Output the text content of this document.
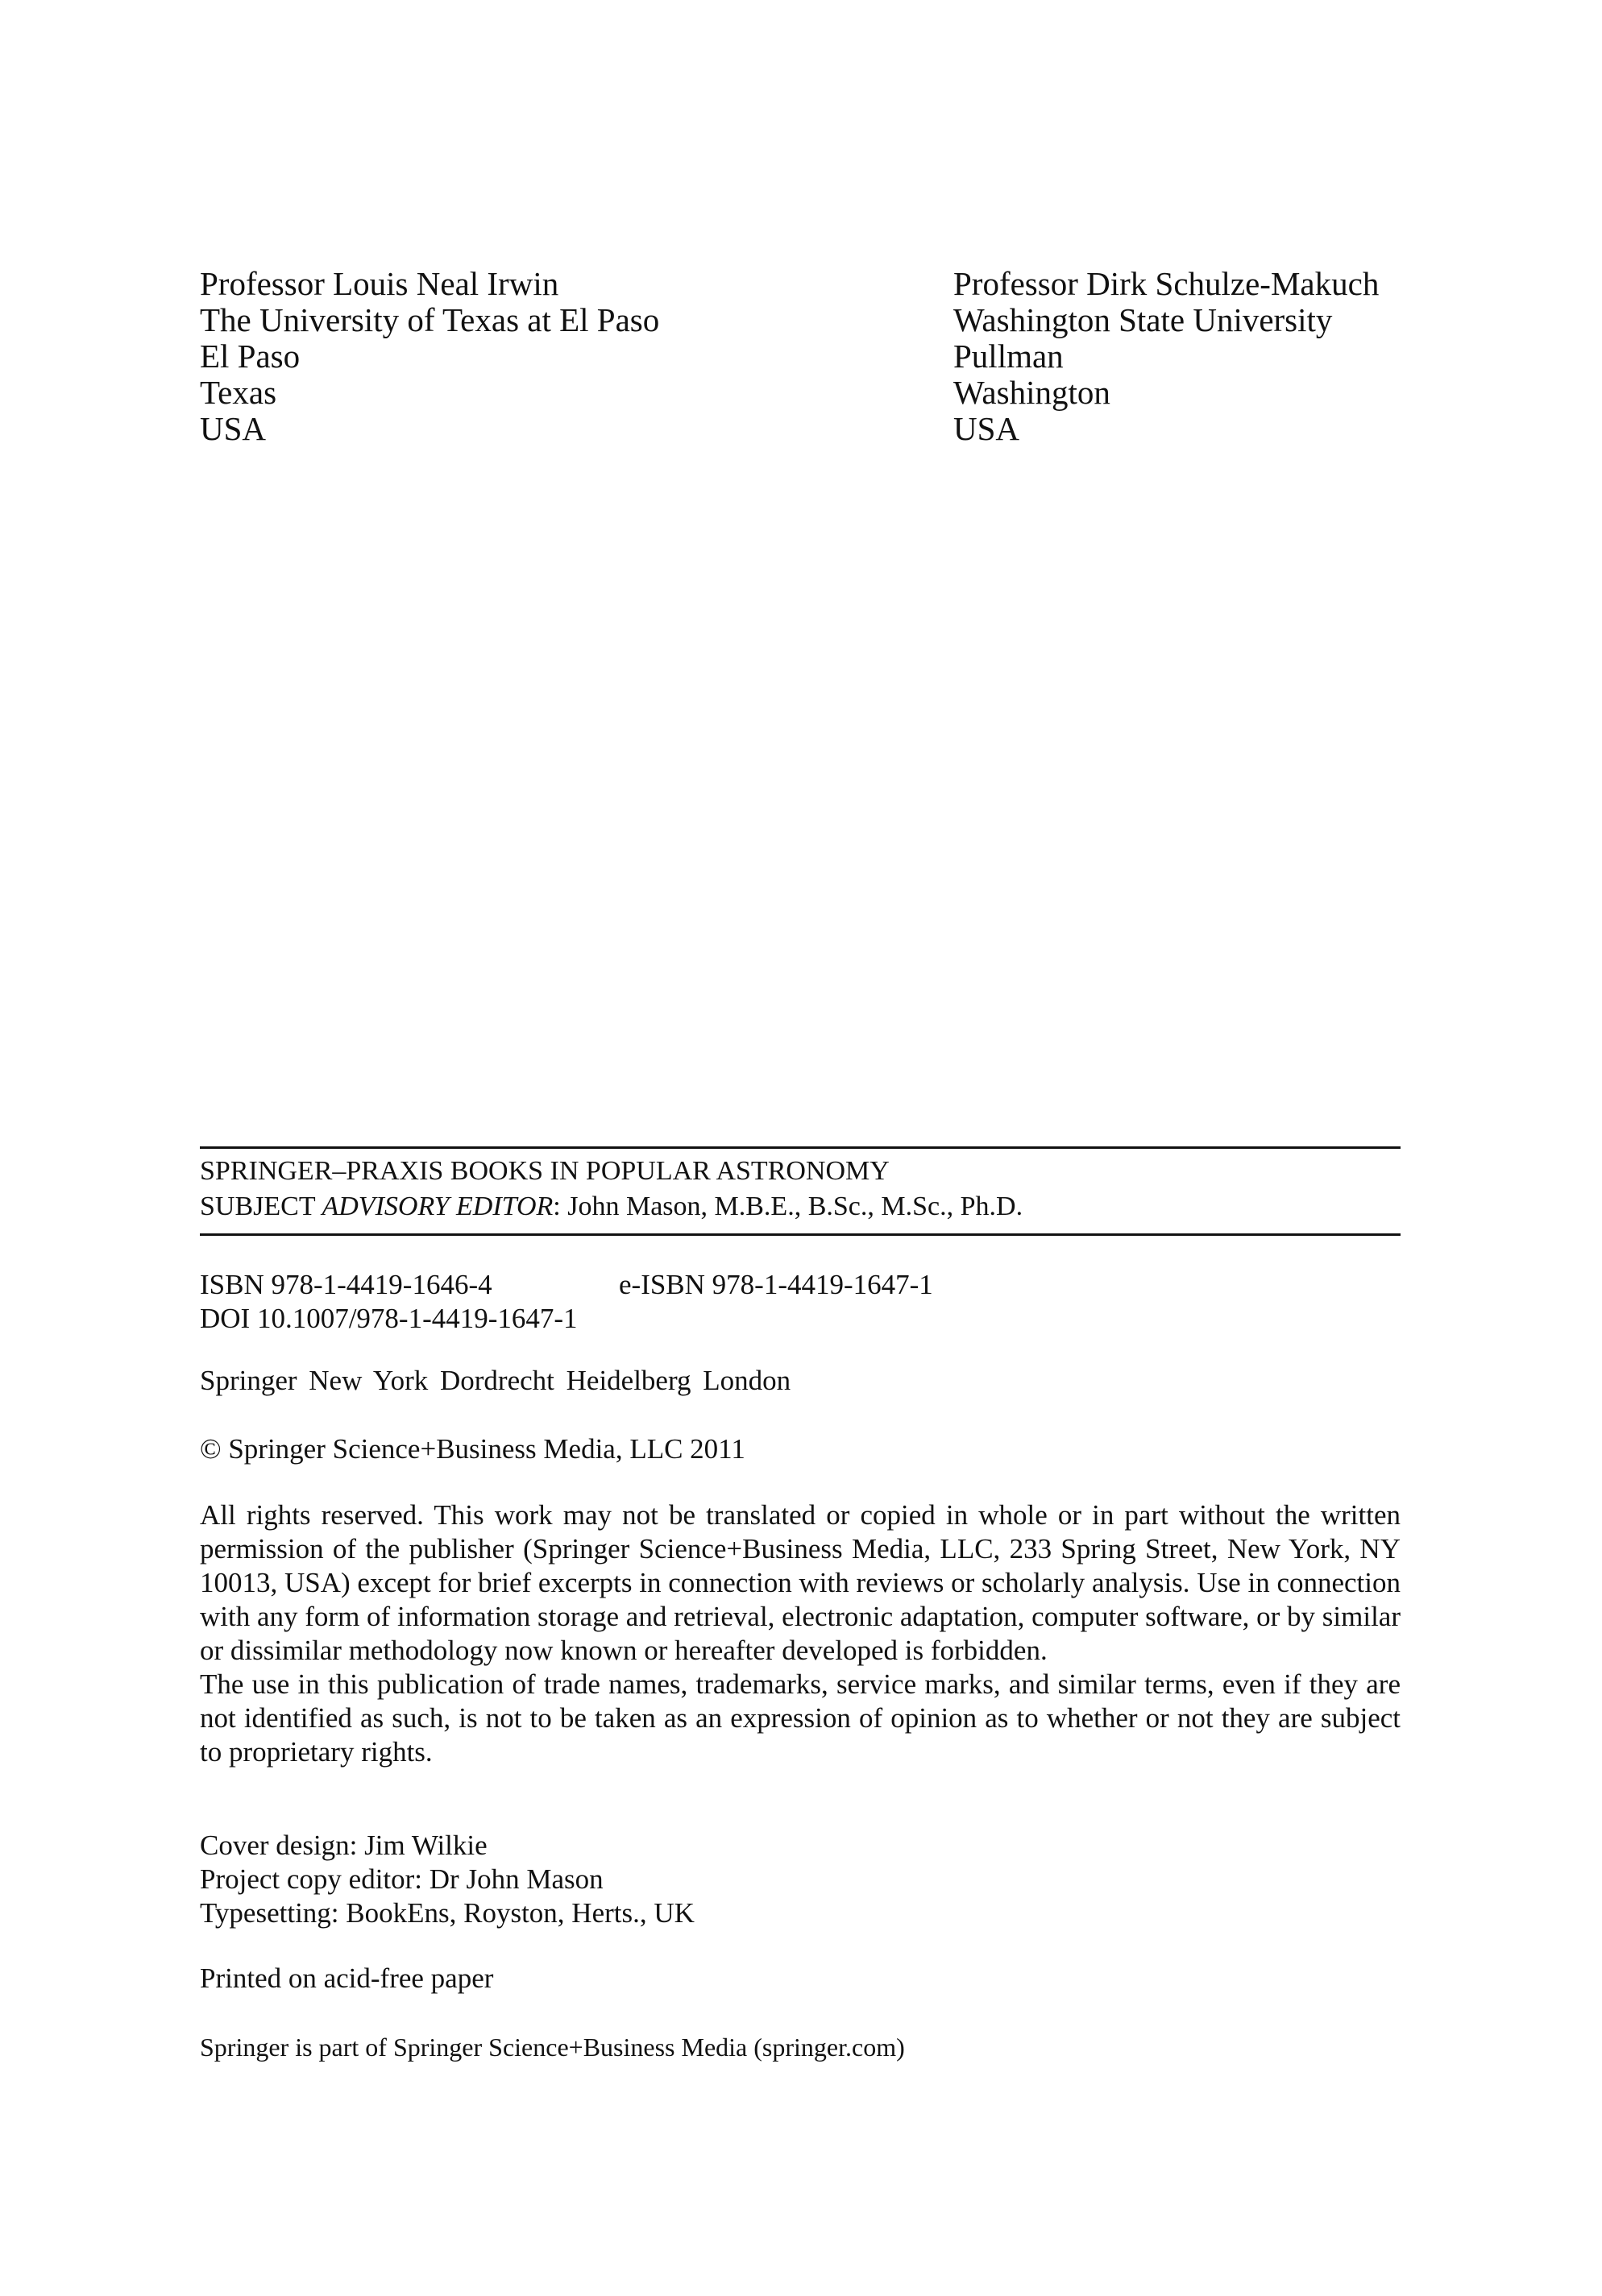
Professor Louis Neal Irwin
The University of Texas at El Paso
El Paso
Texas
USA
Professor Dirk Schulze-Makuch
Washington State University
Pullman
Washington
USA
SPRINGER–PRAXIS BOOKS IN POPULAR ASTRONOMY
SUBJECT ADVISORY EDITOR: John Mason, M.B.E., B.Sc., M.Sc., Ph.D.
ISBN 978-1-4419-1646-4	e-ISBN 978-1-4419-1647-1
DOI 10.1007/978-1-4419-1647-1
Springer New York Dordrecht Heidelberg London
© Springer Science+Business Media, LLC 2011

All rights reserved. This work may not be translated or copied in whole or in part without the written permission of the publisher (Springer Science+Business Media, LLC, 233 Spring Street, New York, NY 10013, USA) except for brief excerpts in connection with reviews or scholarly analysis. Use in connection with any form of information storage and retrieval, electronic adaptation, computer software, or by similar or dissimilar methodology now known or hereafter developed is forbidden.

The use in this publication of trade names, trademarks, service marks, and similar terms, even if they are not identified as such, is not to be taken as an expression of opinion as to whether or not they are subject to proprietary rights.

Cover design: Jim Wilkie
Project copy editor: Dr John Mason
Typesetting: BookEns, Royston, Herts., UK
Printed on acid-free paper
Springer is part of Springer Science+Business Media (springer.com)
